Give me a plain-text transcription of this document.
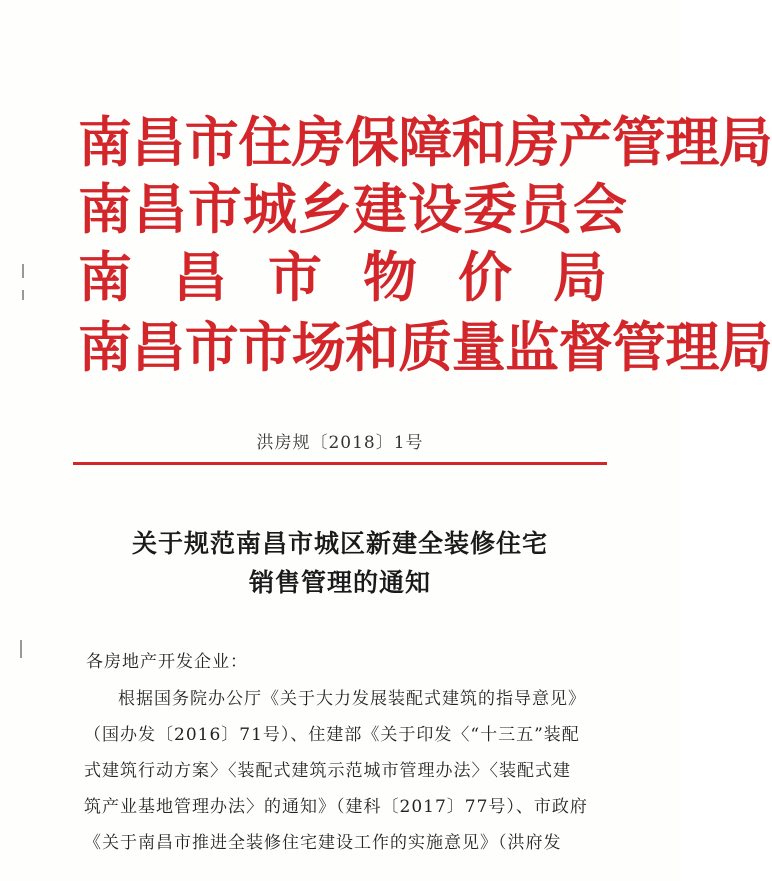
南昌市住房保障和房产管理局
南昌市城乡建设委员会
南　昌　市　物　价　局
南昌市市场和质量监督管理局
洪房规〔2018〕1号
关于规范南昌市城区新建全装修住宅
销售管理的通知
各房地产开发企业：
根据国务院办公厅《关于大力发展装配式建筑的指导意见》
（国办发〔2016〕71号）、住建部《关于印发〈“十三五”装配
式建筑行动方案〉〈装配式建筑示范城市管理办法〉〈装配式建
筑产业基地管理办法〉的通知》（建科〔2017〕77号）、市政府
《关于南昌市推进全装修住宅建设工作的实施意见》（洪府发
